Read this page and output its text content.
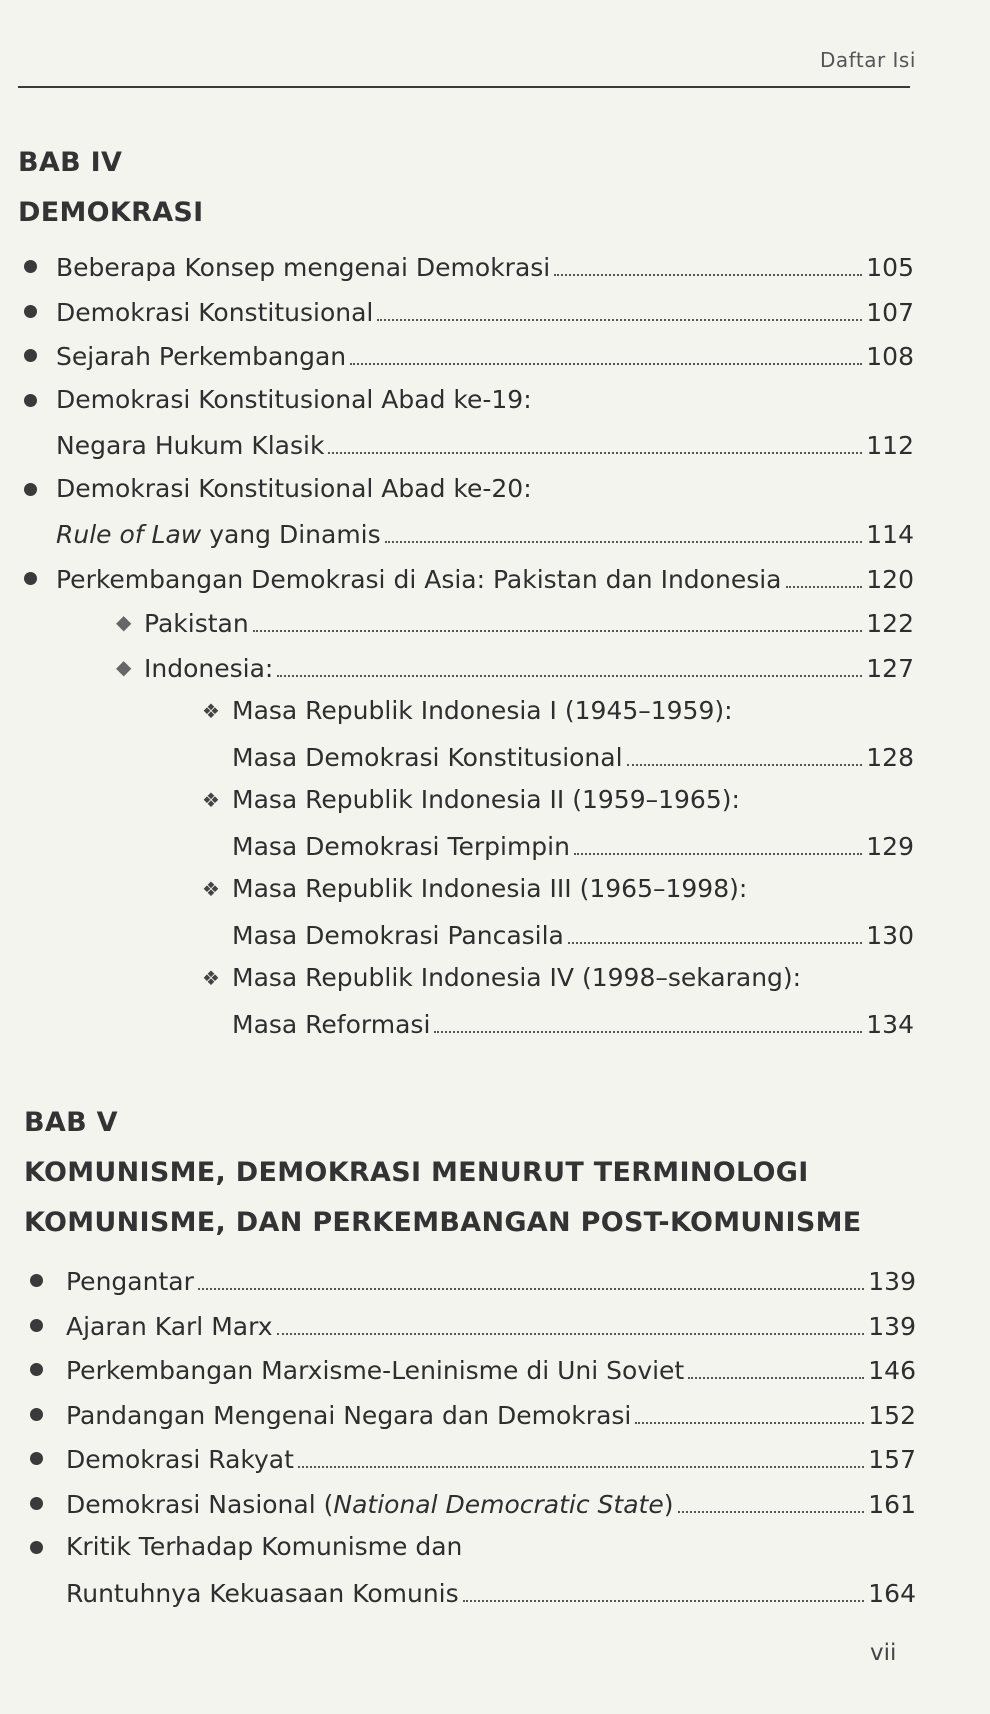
Daftar Isi
BAB IV
DEMOKRASI
Beberapa Konsep mengenai Demokrasi	105
Demokrasi Konstitusional	107
Sejarah Perkembangan	108
Demokrasi Konstitusional Abad ke-19:
Negara Hukum Klasik	112
Demokrasi Konstitusional Abad ke-20:
Rule of Law yang Dinamis	114
Perkembangan Demokrasi di Asia: Pakistan dan Indonesia	120
◆ Pakistan	122
◆ Indonesia:	127
❖ Masa Republik Indonesia I (1945–1959):
Masa Demokrasi Konstitusional	128
❖ Masa Republik Indonesia II (1959–1965):
Masa Demokrasi Terpimpin	129
❖ Masa Republik Indonesia III (1965–1998):
Masa Demokrasi Pancasila	130
❖ Masa Republik Indonesia IV (1998–sekarang):
Masa Reformasi	134
BAB V
KOMUNISME, DEMOKRASI MENURUT TERMINOLOGI
KOMUNISME, DAN PERKEMBANGAN POST-KOMUNISME
Pengantar	139
Ajaran Karl Marx	139
Perkembangan Marxisme-Leninisme di Uni Soviet	146
Pandangan Mengenai Negara dan Demokrasi	152
Demokrasi Rakyat	157
Demokrasi Nasional (National Democratic State)	161
Kritik Terhadap Komunisme dan
Runtuhnya Kekuasaan Komunis	164
vii
